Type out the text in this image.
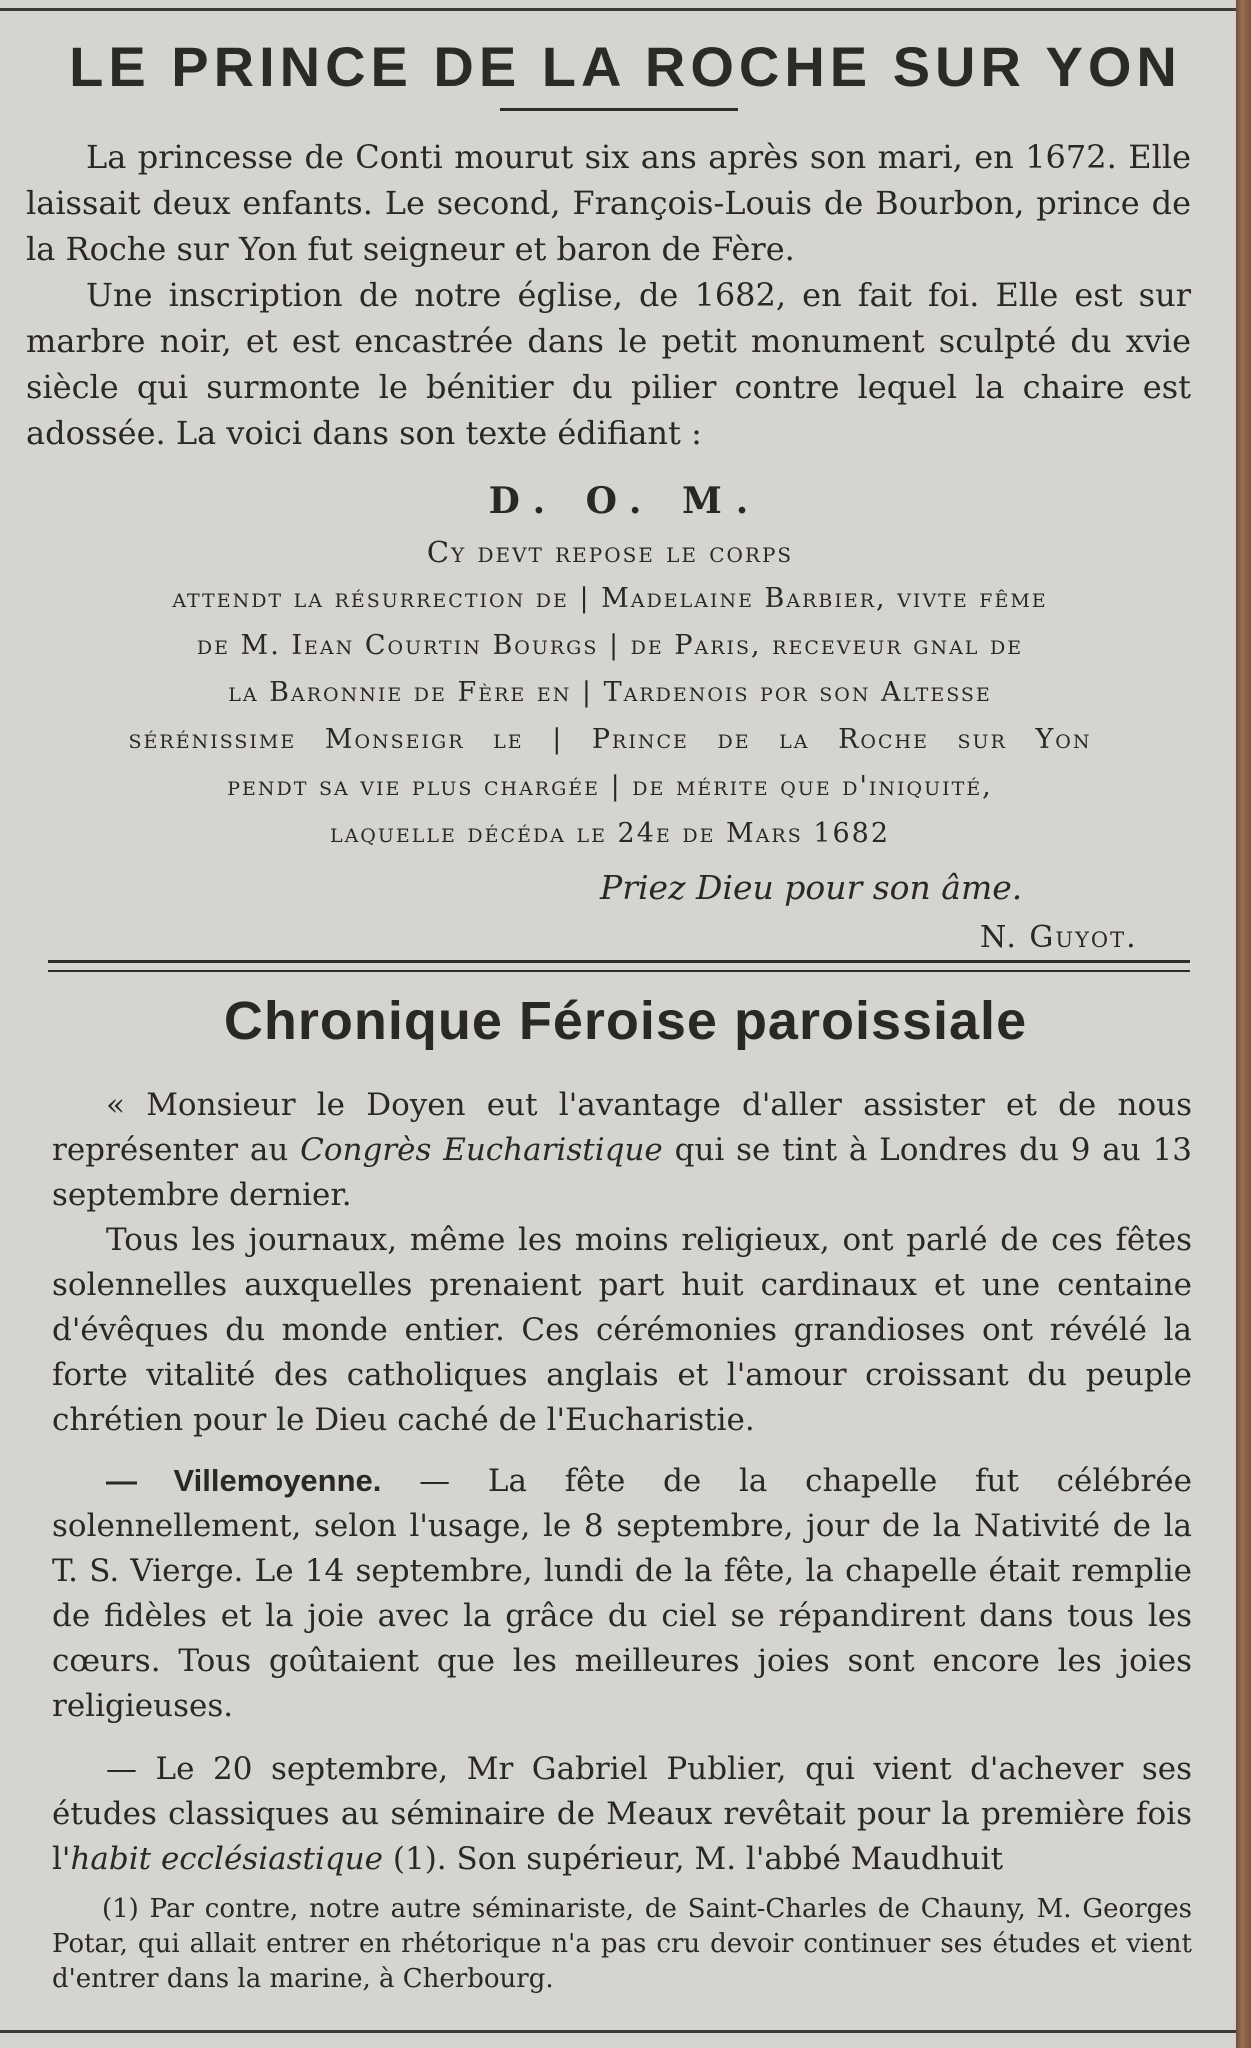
LE PRINCE DE LA ROCHE SUR YON

La princesse de Conti mourut six ans après son mari, en 1672. Elle laissait deux enfants. Le second, François-Louis de Bourbon, prince de la Roche sur Yon fut seigneur et baron de Fère.

Une inscription de notre église, de 1682, en fait foi. Elle est sur marbre noir, et est encastrée dans le petit monument sculpté du xvie siècle qui surmonte le bénitier du pilier contre lequel la chaire est adossée. La voici dans son texte édifiant :

D. O. M.

Cy devt repose le corps

attendt la résurrection de | Madelaine Barbier, vivte fême

de M. Iean Courtin Bourgs | de Paris, receveur gnal de

la Baronnie de Fère en | Tardenois por son Altesse

sérénissime Monseigr le | Prince de la Roche sur Yon

pendt sa vie plus chargée | de mérite que d'iniquité,

laquelle décéda le 24e de Mars 1682

Priez Dieu pour son âme.
N. Guyot.
Chronique Féroise paroissiale

« Monsieur le Doyen eut l'avantage d'aller assister et de nous représenter au Congrès Eucharistique qui se tint à Londres du 9 au 13 septembre dernier.

Tous les journaux, même les moins religieux, ont parlé de ces fêtes solennelles auxquelles prenaient part huit cardinaux et une centaine d'évêques du monde entier. Ces cérémonies grandioses ont révélé la forte vitalité des catholiques anglais et l'amour croissant du peuple chrétien pour le Dieu caché de l'Eucharistie.

— Villemoyenne. — La fête de la chapelle fut célébrée solennellement, selon l'usage, le 8 septembre, jour de la Nativité de la T. S. Vierge. Le 14 septembre, lundi de la fête, la chapelle était remplie de fidèles et la joie avec la grâce du ciel se répandirent dans tous les cœurs. Tous goûtaient que les meilleures joies sont encore les joies religieuses.

— Le 20 septembre, Mr Gabriel Publier, qui vient d'achever ses études classiques au séminaire de Meaux revêtait pour la première fois l'habit ecclésiastique (1). Son supérieur, M. l'abbé Maudhuit

(1) Par contre, notre autre séminariste, de Saint-Charles de Chauny, M. Georges Potar, qui allait entrer en rhétorique n'a pas cru devoir continuer ses études et vient d'entrer dans la marine, à Cherbourg.
